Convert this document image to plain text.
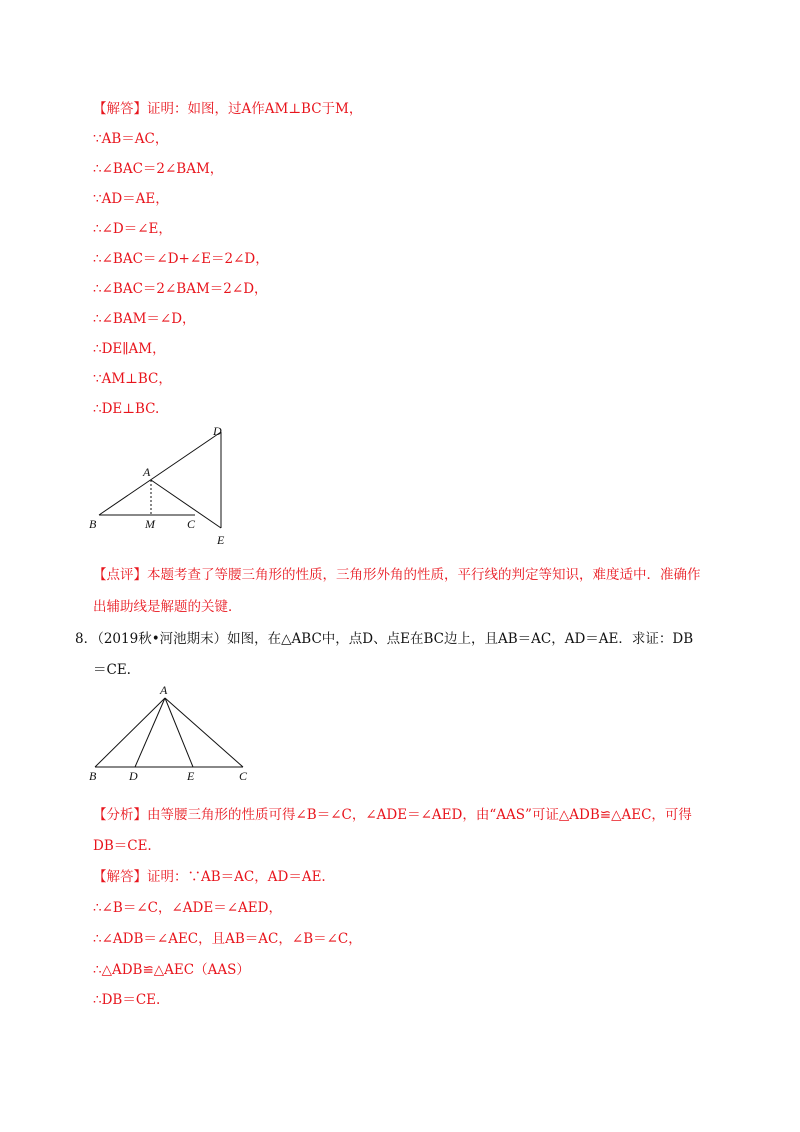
【解答】证明：如图，过A作AM⊥BC于M，
∵AB＝AC，
∴∠BAC＝2∠BAM，
∵AD＝AE，
∴∠D＝∠E，
∴∠BAC＝∠D+∠E＝2∠D，
∴∠BAC＝2∠BAM＝2∠D，
∴∠BAM＝∠D，
∴DE∥AM，
∵AM⊥BC，
∴DE⊥BC.
D
A
B	M	C
E
【点评】本题考查了等腰三角形的性质，三角形外角的性质，平行线的判定等知识，难度适中．准确作
出辅助线是解题的关键．
8．（2019秋•河池期末）如图，在△ABC中，点D、点E在BC边上，且AB＝AC，AD＝AE．求证：DB
＝CE.
A
B	D	E	C
【分析】由等腰三角形的性质可得∠B＝∠C，∠ADE＝∠AED，由“AAS”可证△ADB≌△AEC，可得
DB＝CE.
【解答】证明：∵AB＝AC，AD＝AE.
∴∠B＝∠C，∠ADE＝∠AED，
∴∠ADB＝∠AEC，且AB＝AC，∠B＝∠C，
∴△ADB≌△AEC（AAS）
∴DB＝CE.
